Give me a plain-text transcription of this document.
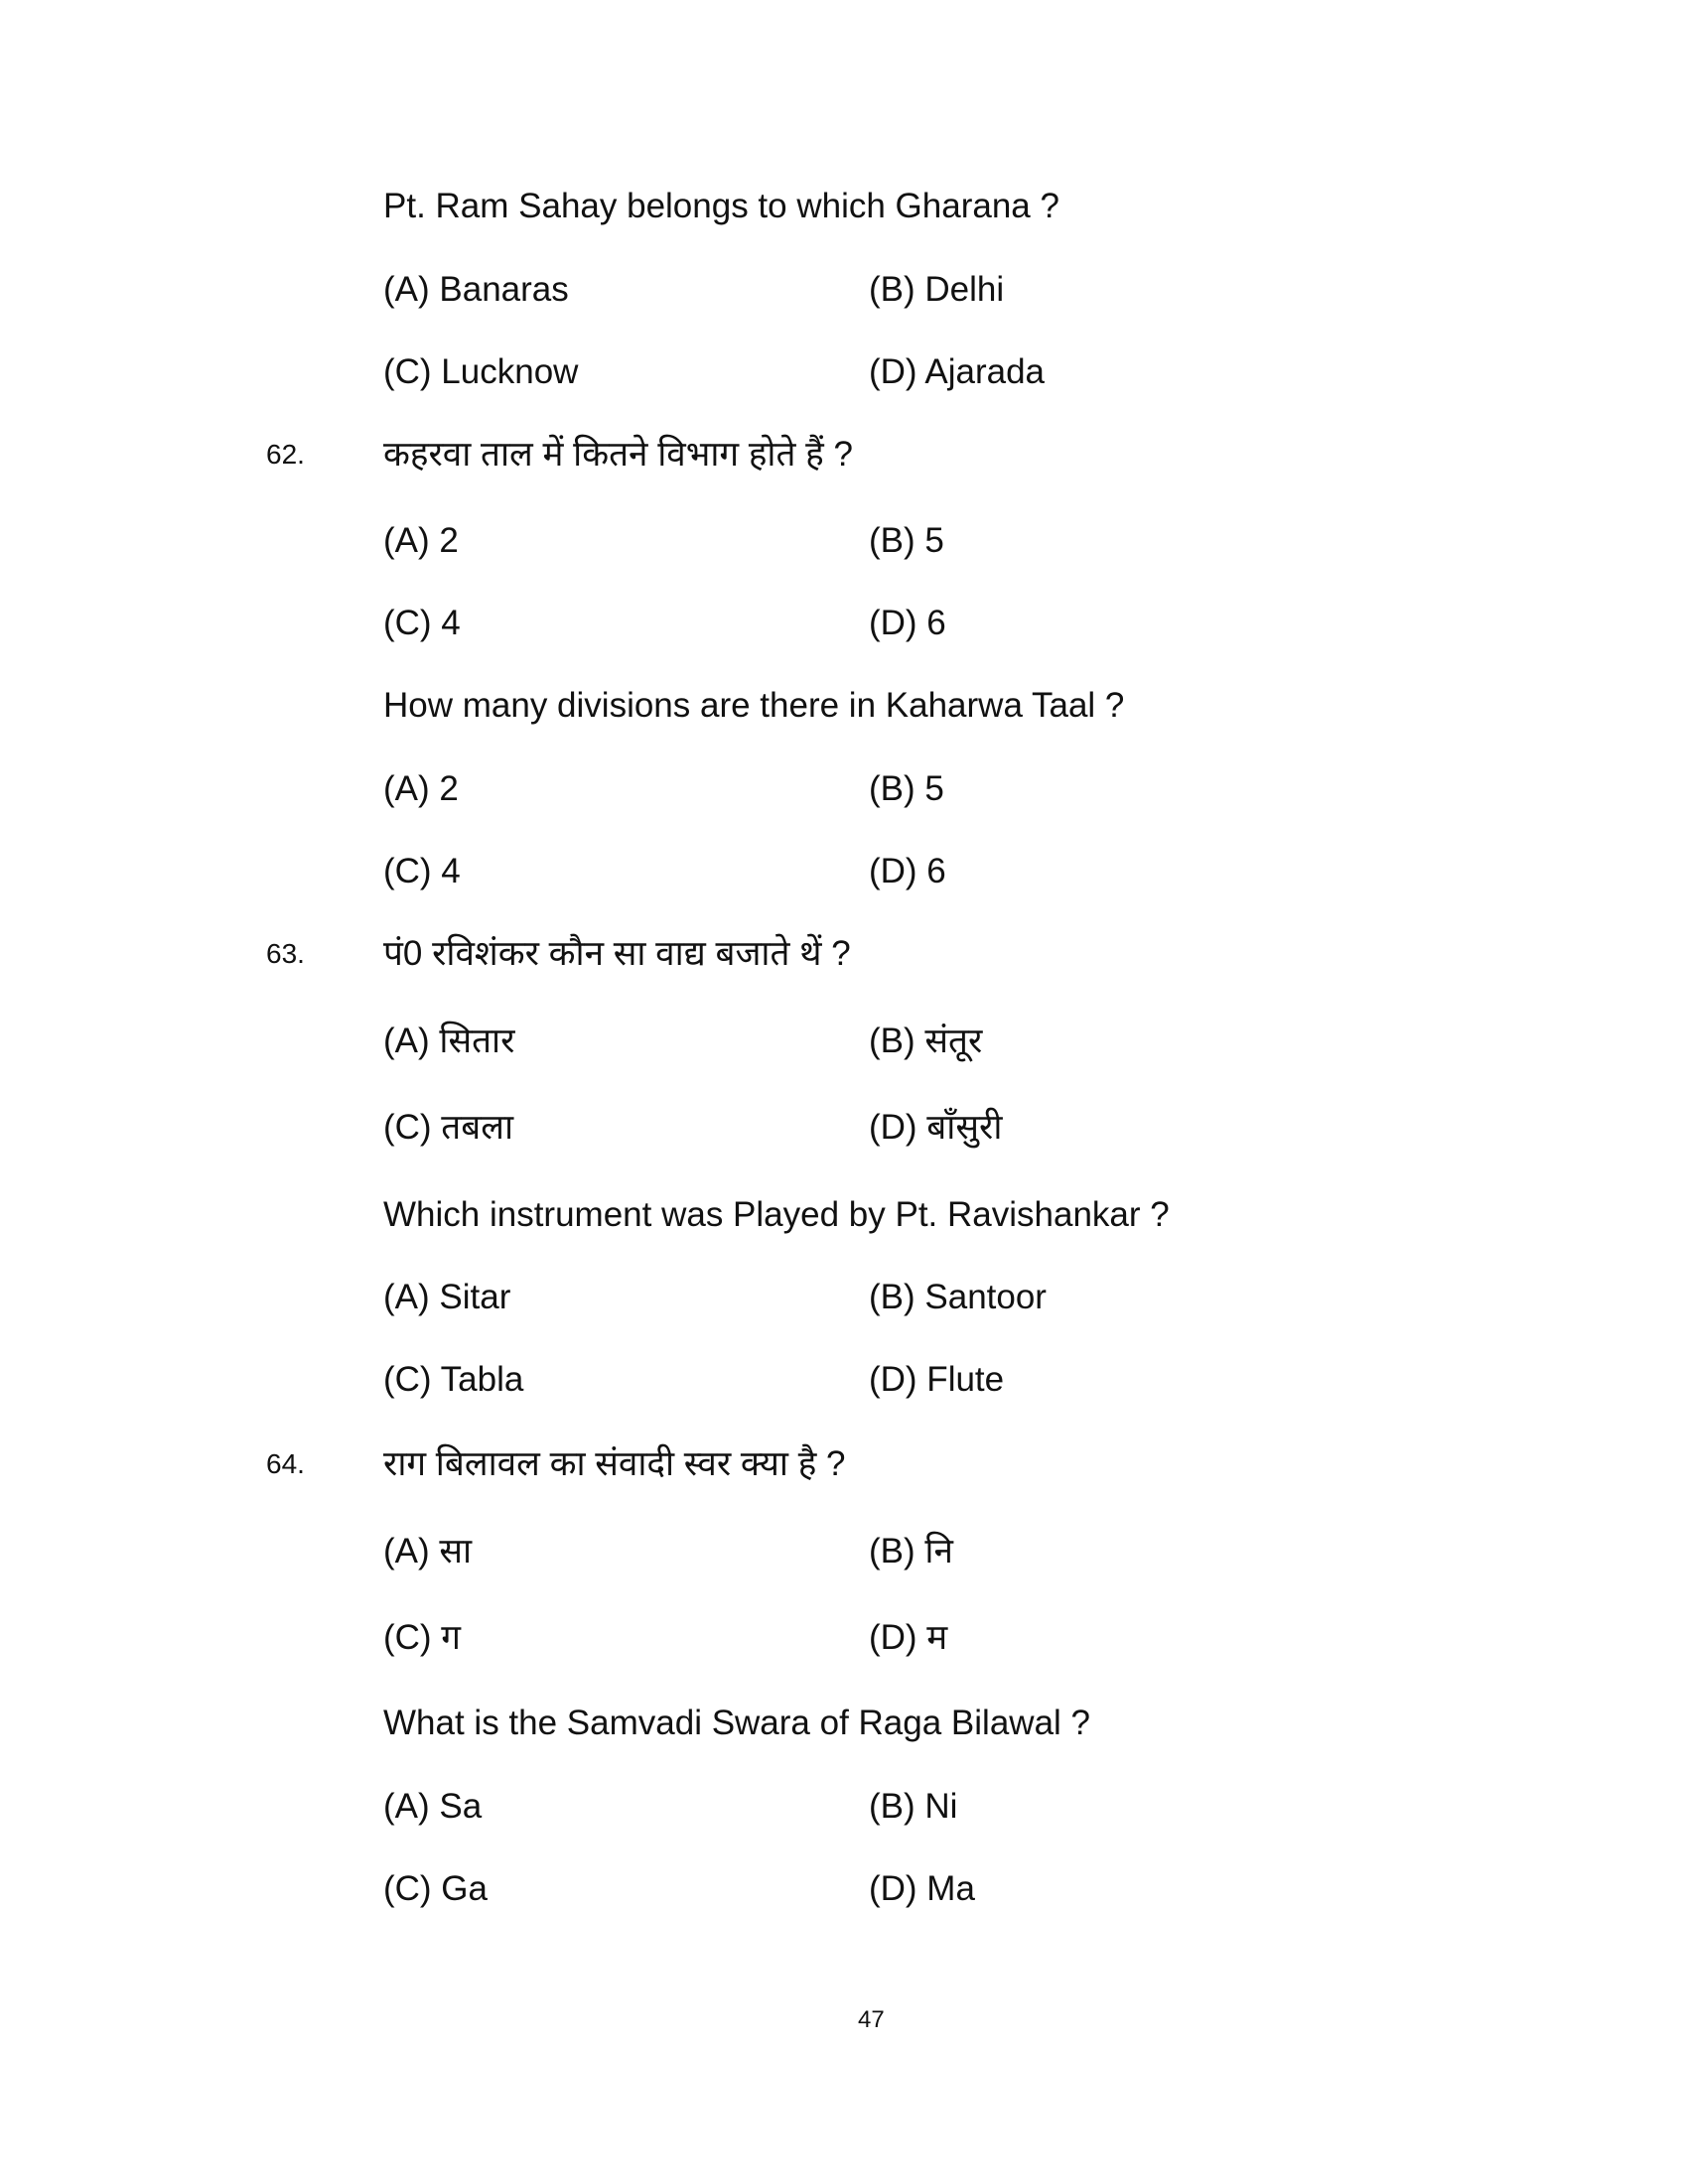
Pt. Ram Sahay belongs to which Gharana ?
(A) Banaras	(B) Delhi
(C) Lucknow	(D) Ajarada
62. कहरवा ताल में कितने विभाग होते हैं ?
(A) 2	(B) 5
(C) 4	(D) 6
How many divisions are there in Kaharwa Taal ?
(A) 2	(B) 5
(C) 4	(D) 6
63. पं0 रविशंकर कौन सा वाद्य बजाते थें ?
(A) सितार	(B) संतूर
(C) तबला	(D) बाँसुरी
Which instrument was Played by Pt. Ravishankar ?
(A) Sitar	(B) Santoor
(C) Tabla	(D) Flute
64. राग बिलावल का संवादी स्वर क्या है ?
(A) सा	(B) नि
(C) ग	(D) म
What is the Samvadi Swara of Raga Bilawal ?
(A) Sa	(B) Ni
(C) Ga	(D) Ma
47
